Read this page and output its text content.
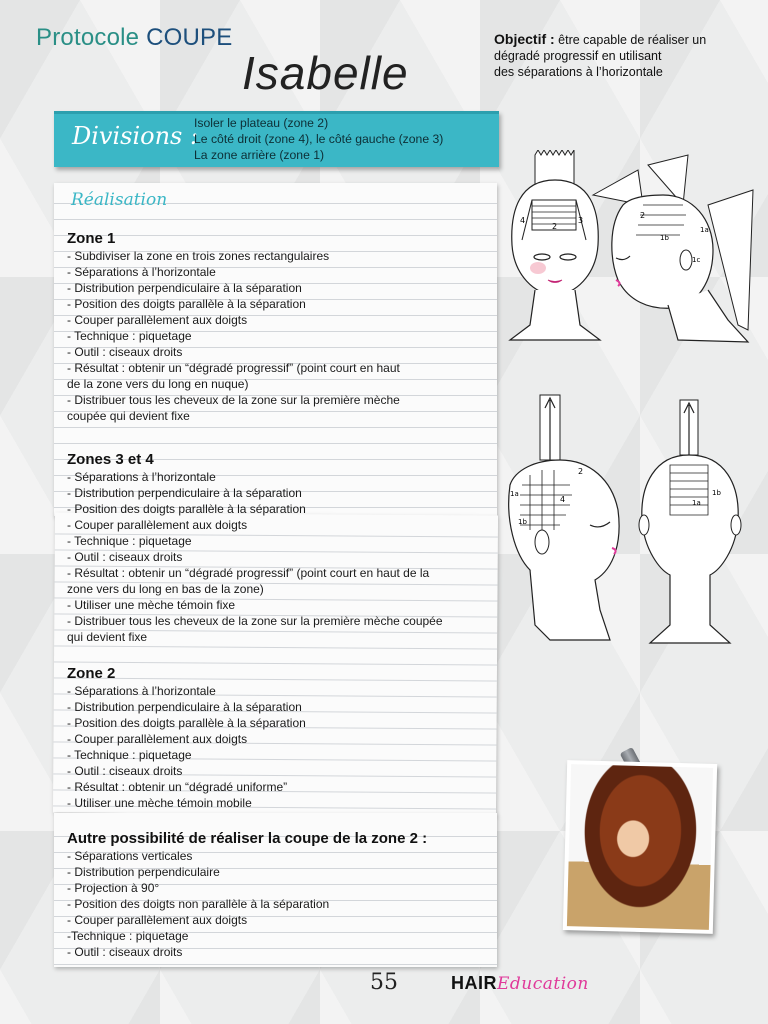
Protocole COUPE
Isabelle
Objectif : être capable de réaliser un
dégradé progressif en utilisant
des séparations à l’horizontale
Divisions :
Isoler le plateau (zone 2)
Le côté droit (zone 4), le côté gauche (zone 3)
La zone arrière (zone 1)
Réalisation
Zone 1
- Subdiviser la zone en trois zones rectangulaires
- Séparations à l’horizontale
- Distribution perpendiculaire à la séparation
- Position des doigts parallèle à la séparation
- Couper parallèlement aux doigts
- Technique : piquetage
- Outil : ciseaux droits
- Résultat : obtenir un “dégradé progressif” (point court en haut
de la zone vers du long en nuque)
- Distribuer tous les cheveux de la zone sur la première mèche
coupée qui devient fixe
Zones 3 et 4
- Séparations à l’horizontale
- Distribution perpendiculaire à la séparation
- Position des doigts parallèle à la séparation
- Couper parallèlement aux doigts
- Technique : piquetage
- Outil : ciseaux droits
- Résultat : obtenir un “dégradé progressif” (point court en haut de la
zone vers du long en bas de la zone)
- Utiliser une mèche témoin fixe
- Distribuer tous les cheveux de la zone sur la première mèche coupée
qui devient fixe
Zone 2
- Séparations à l’horizontale
- Distribution perpendiculaire à la séparation
- Position des doigts parallèle à la séparation
- Couper parallèlement aux doigts
- Technique : piquetage
- Outil : ciseaux droits
- Résultat : obtenir un “dégradé uniforme”
- Utiliser une mèche témoin mobile
Autre possibilité de réaliser la coupe de la zone 2 :
- Séparations verticales
- Distribution perpendiculaire
- Projection à 90°
- Position des doigts non parallèle à la séparation
- Couper parallèlement aux doigts
-Technique : piquetage
- Outil : ciseaux droits
4	3
2
2
1a
1b
1c
2
4
1a
1b
1a
1b
55	HAIREducation
